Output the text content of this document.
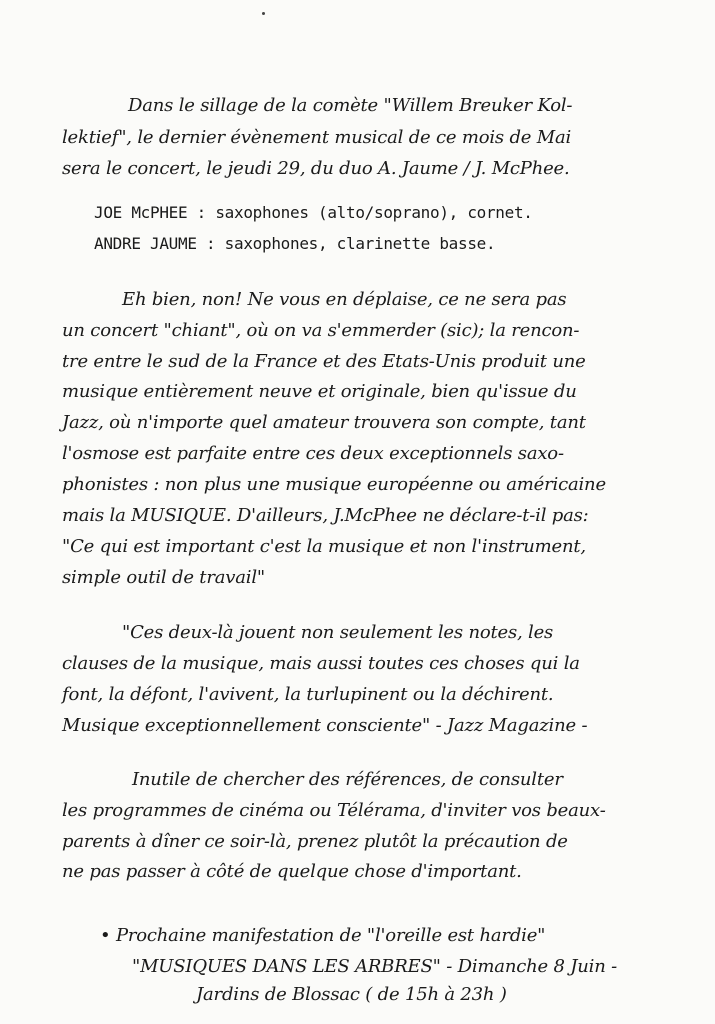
Dans le sillage de la comète "Willem Breuker Kol-
lektief", le dernier évènement musical de ce mois de Mai
sera le concert, le jeudi 29, du duo A. Jaume / J. McPhee.
JOE McPHEE : saxophones (alto/soprano), cornet.
ANDRE JAUME : saxophones, clarinette basse.
Eh bien, non! Ne vous en déplaise, ce ne sera pas
un concert "chiant", où on va s'emmerder (sic); la rencon-
tre entre le sud de la France et des Etats-Unis produit une
musique entièrement neuve et originale, bien qu'issue du
Jazz, où n'importe quel amateur trouvera son compte, tant
l'osmose est parfaite entre ces deux exceptionnels saxo-
phonistes : non plus une musique européenne ou américaine
mais la MUSIQUE. D'ailleurs, J.McPhee ne déclare-t-il pas:
"Ce qui est important c'est la musique et non l'instrument,
simple outil de travail"
"Ces deux-là jouent non seulement les notes, les
clauses de la musique, mais aussi toutes ces choses qui la
font, la défont, l'avivent, la turlupinent ou la déchirent.
Musique exceptionnellement consciente" - Jazz Magazine -
Inutile de chercher des références, de consulter
les programmes de cinéma ou Télérama, d'inviter vos beaux-
parents à dîner ce soir-là, prenez plutôt la précaution de
ne pas passer à côté de quelque chose d'important.
• Prochaine manifestation de "l'oreille est hardie"
"MUSIQUES DANS LES ARBRES" - Dimanche 8 Juin -
Jardins de Blossac ( de 15h à 23h )
